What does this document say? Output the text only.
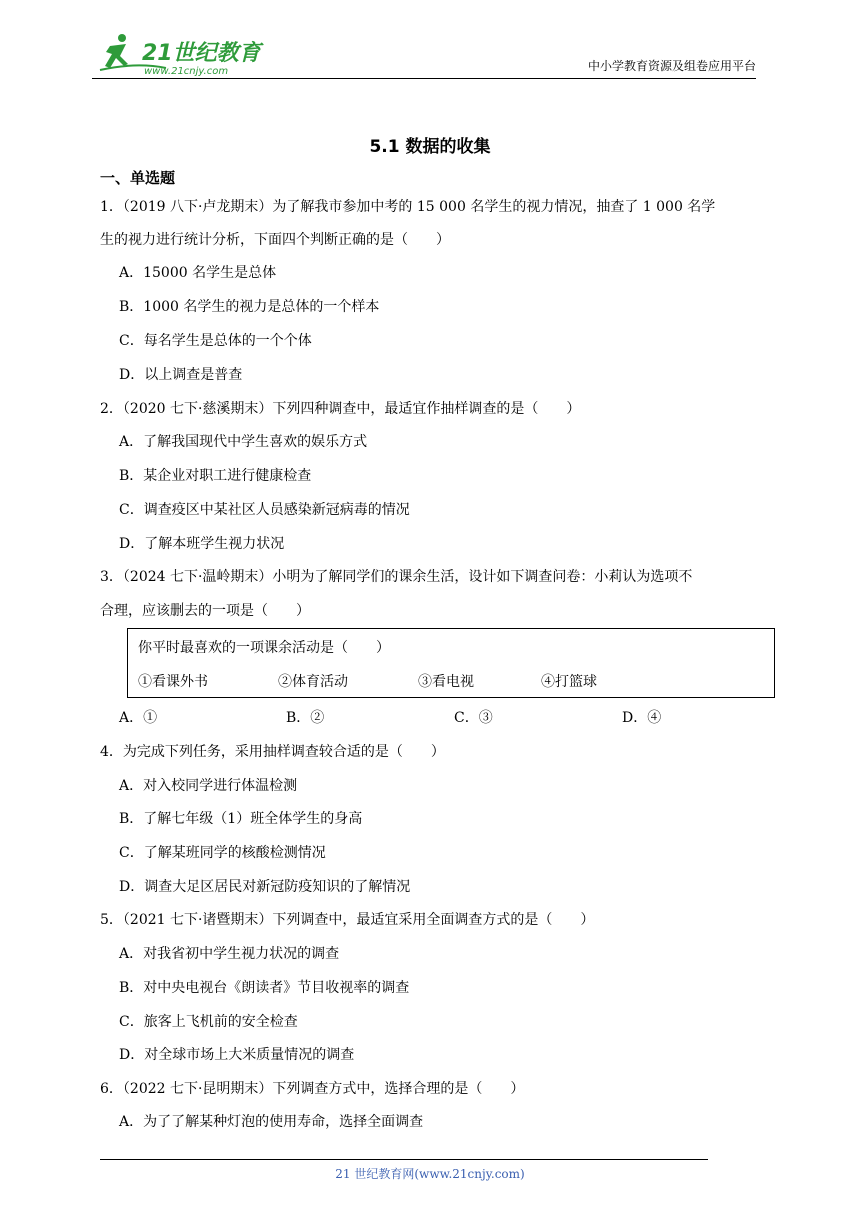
21世纪教育
www.21cnjy.com	中小学教育资源及组卷应用平台
5.1 数据的收集
一、单选题
1．（2019 八下·卢龙期末）为了解我市参加中考的 15 000 名学生的视力情况，抽查了 1 000 名学
生的视力进行统计分析，下面四个判断正确的是（　　）
A．15000 名学生是总体
B．1000 名学生的视力是总体的一个样本
C．每名学生是总体的一个个体
D．以上调查是普查
2．（2020 七下·慈溪期末）下列四种调查中，最适宜作抽样调查的是（　　）
A．了解我国现代中学生喜欢的娱乐方式
B．某企业对职工进行健康检查
C．调查疫区中某社区人员感染新冠病毒的情况
D．了解本班学生视力状况
3．（2024 七下·温岭期末）小明为了解同学们的课余生活，设计如下调查问卷：小莉认为选项不
合理，应该删去的一项是（　　）
你平时最喜欢的一项课余活动是（　　）
①看课外书	②体育活动	③看电视	④打篮球
A．①	B．②	C．③	D．④
4．为完成下列任务，采用抽样调查较合适的是（　　）
A．对入校同学进行体温检测
B．了解七年级（1）班全体学生的身高
C．了解某班同学的核酸检测情况
D．调查大足区居民对新冠防疫知识的了解情况
5．（2021 七下·诸暨期末）下列调查中，最适宜采用全面调查方式的是（　　）
A．对我省初中学生视力状况的调查
B．对中央电视台《朗读者》节目收视率的调查
C．旅客上飞机前的安全检查
D．对全球市场上大米质量情况的调查
6．（2022 七下·昆明期末）下列调查方式中，选择合理的是（　　）
A．为了了解某种灯泡的使用寿命，选择全面调查
21 世纪教育网(www.21cnjy.com)
